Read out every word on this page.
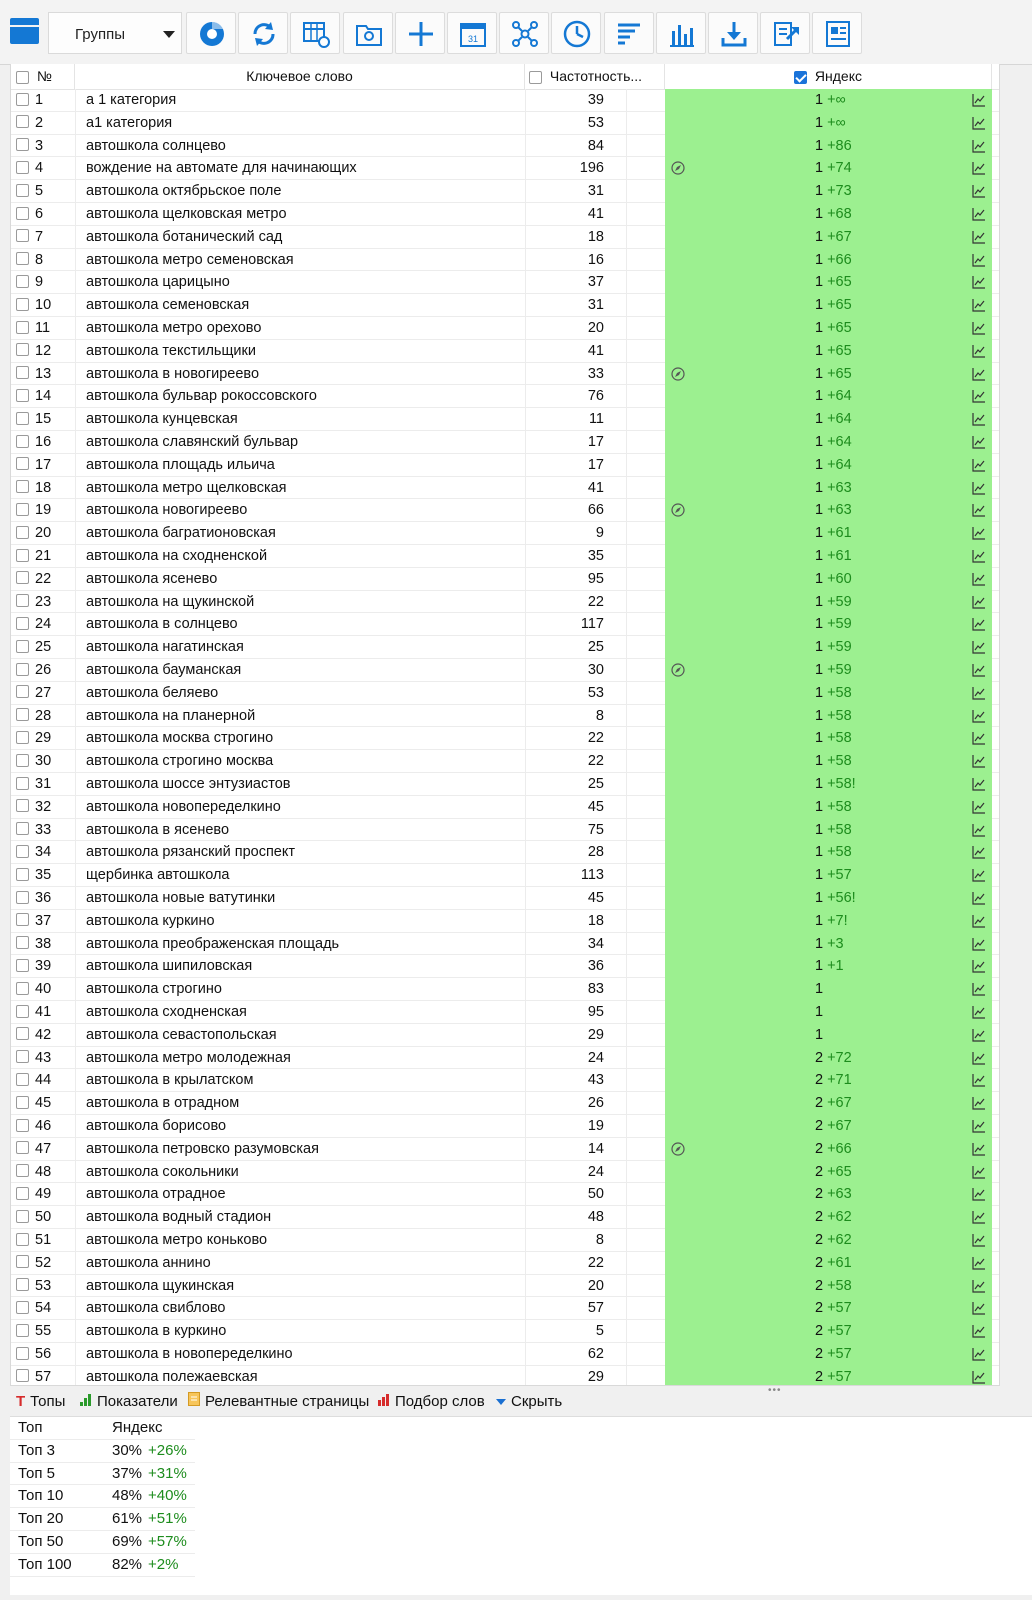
Группы	31
№	Ключевое слово	Частотность...	Яндекс
1	а 1 категория	39	1 +∞
2	а1 категория	53	1 +∞
3	автошкола солнцево	84	1 +86
4	вождение на автомате для начинающих	196	1 +74
5	автошкола октябрьское поле	31	1 +73
6	автошкола щелковская метро	41	1 +68
7	автошкола ботанический сад	18	1 +67
8	автошкола метро семеновская	16	1 +66
9	автошкола царицыно	37	1 +65
10	автошкола семеновская	31	1 +65
11	автошкола метро орехово	20	1 +65
12	автошкола текстильщики	41	1 +65
13	автошкола в новогиреево	33	1 +65
14	автошкола бульвар рокоссовского	76	1 +64
15	автошкола кунцевская	11	1 +64
16	автошкола славянский бульвар	17	1 +64
17	автошкола площадь ильича	17	1 +64
18	автошкола метро щелковская	41	1 +63
19	автошкола новогиреево	66	1 +63
20	автошкола багратионовская	9	1 +61
21	автошкола на сходненской	35	1 +61
22	автошкола ясенево	95	1 +60
23	автошкола на щукинской	22	1 +59
24	автошкола в солнцево	117	1 +59
25	автошкола нагатинская	25	1 +59
26	автошкола бауманская	30	1 +59
27	автошкола беляево	53	1 +58
28	автошкола на планерной	8	1 +58
29	автошкола москва строгино	22	1 +58
30	автошкола строгино москва	22	1 +58
31	автошкола шоссе энтузиастов	25	1 +58!
32	автошкола новопеределкино	45	1 +58
33	автошкола в ясенево	75	1 +58
34	автошкола рязанский проспект	28	1 +58
35	щербинка автошкола	113	1 +57
36	автошкола новые ватутинки	45	1 +56!
37	автошкола куркино	18	1 +7!
38	автошкола преображенская площадь	34	1 +3
39	автошкола шипиловская	36	1 +1
40	автошкола строгино	83	1
41	автошкола сходненская	95	1
42	автошкола севастопольская	29	1
43	автошкола метро молодежная	24	2 +72
44	автошкола в крылатском	43	2 +71
45	автошкола в отрадном	26	2 +67
46	автошкола борисово	19	2 +67
47	автошкола петровско разумовская	14	2 +66
48	автошкола сокольники	24	2 +65
49	автошкола отрадное	50	2 +63
50	автошкола водный стадион	48	2 +62
51	автошкола метро коньково	8	2 +62
52	автошкола аннино	22	2 +61
53	автошкола щукинская	20	2 +58
54	автошкола свиблово	57	2 +57
55	автошкола в куркино	5	2 +57
56	автошкола в новопеределкино	62	2 +57
57	автошкола полежаевская	29	2 +57
•••
T Топы	Показатели	Релевантные страницы	Подбор слов	Скрыть
Топ	Яндекс
Топ 3	30% +26%
Топ 5	37% +31%
Топ 10	48% +40%
Топ 20	61% +51%
Топ 50	69% +57%
Топ 100	82% +2%
